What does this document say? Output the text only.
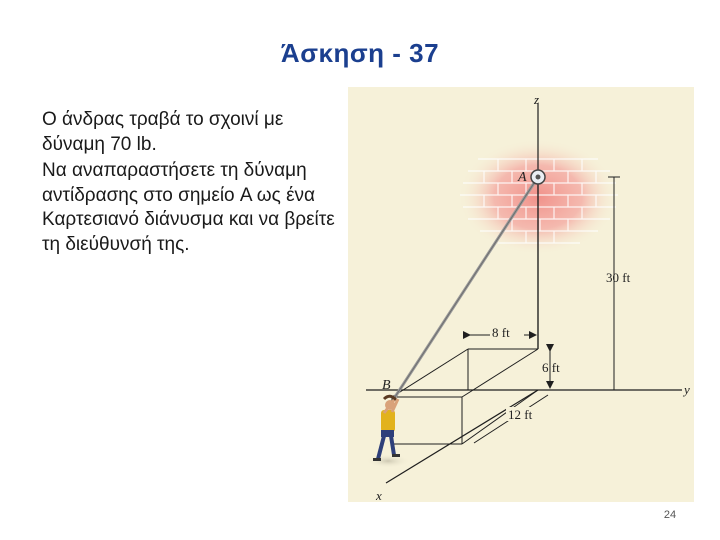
Άσκηση - 37

Ο άνδρας τραβά το σχοινί με δύναμη 70 lb.

Να αναπαραστήσετε τη δύναμη αντίδρασης στο σημείο A ως ένα Καρτεσιανό διάνυσμα και να βρείτε τη διεύθυνσή της.

z
y
x
30 ft
8 ft
6 ft
12 ft
A
B
24
